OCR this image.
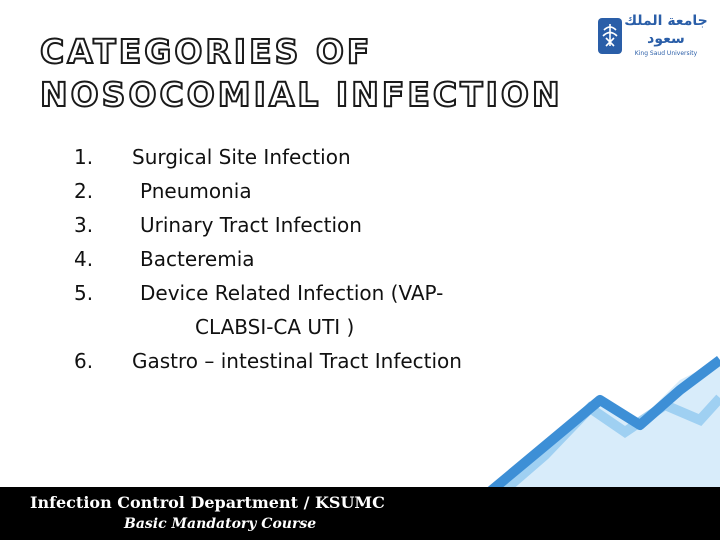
CATEGORIES OF
NOSOCOMIAL INFECTION
جامعة الملك سعود
King Saud University
1. Surgical Site Infection
2. Pneumonia
3. Urinary Tract Infection
4. Bacteremia
5. Device Related Infection (VAP-
CLABSI-CA UTI )
6. Gastro – intestinal Tract Infection
Infection Control Department / KSUMC
Basic Mandatory Course
